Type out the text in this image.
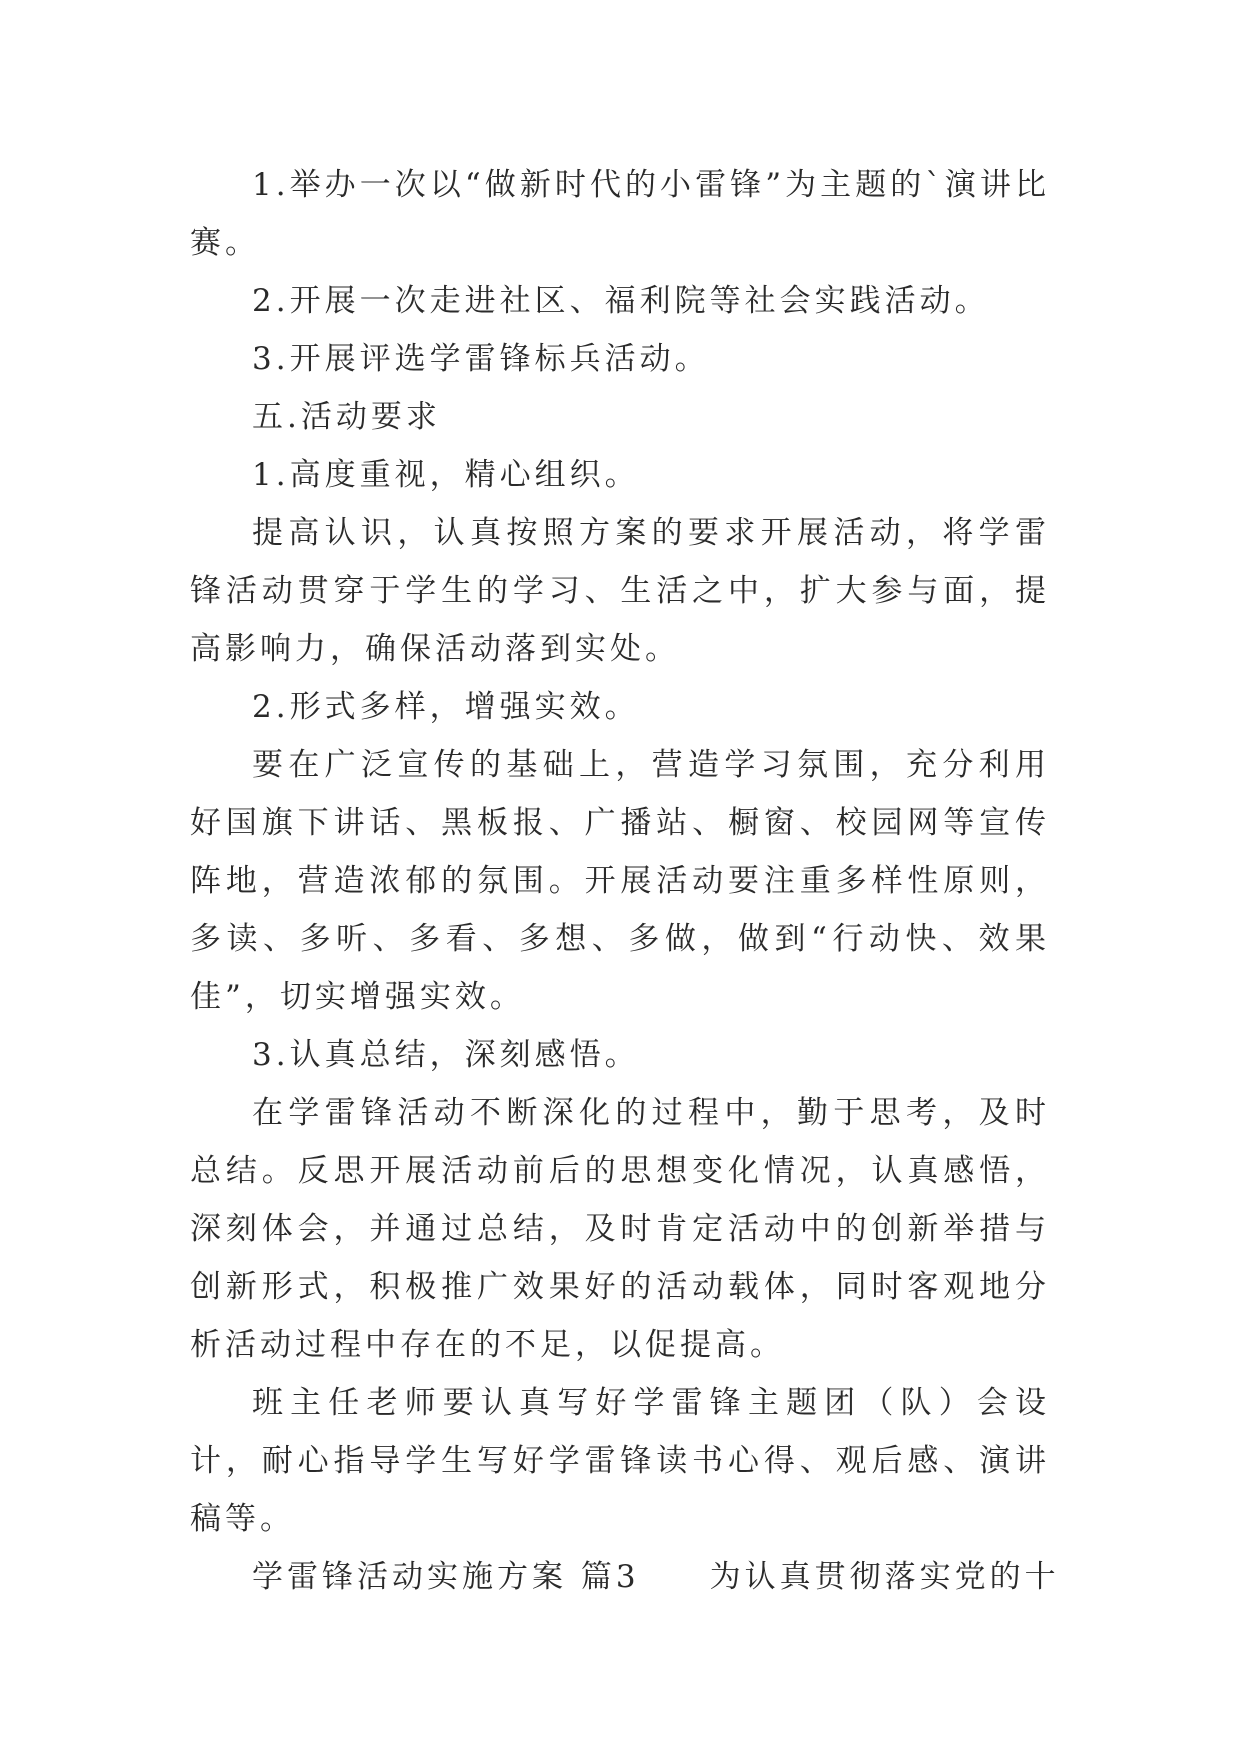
1.举办一次以“做新时代的小雷锋”为主题的`演讲比赛。

2.开展一次走进社区、福利院等社会实践活动。

3.开展评选学雷锋标兵活动。

五.活动要求

1.高度重视，精心组织。

提高认识，认真按照方案的要求开展活动，将学雷锋活动贯穿于学生的学习、生活之中，扩大参与面，提高影响力，确保活动落到实处。

2.形式多样，增强实效。

要在广泛宣传的基础上，营造学习氛围，充分利用好国旗下讲话、黑板报、广播站、橱窗、校园网等宣传阵地，营造浓郁的氛围。开展活动要注重多样性原则，多读、多听、多看、多想、多做，做到“行动快、效果佳”，切实增强实效。

3.认真总结，深刻感悟。

在学雷锋活动不断深化的过程中，勤于思考，及时总结。反思开展活动前后的思想变化情况，认真感悟，深刻体会，并通过总结，及时肯定活动中的创新举措与创新形式，积极推广效果好的活动载体，同时客观地分析活动过程中存在的不足，以促提高。

班主任老师要认真写好学雷锋主题团（队）会设计，耐心指导学生写好学雷锋读书心得、观后感、演讲稿等。

学雷锋活动实施方案 篇3　　为认真贯彻落实党的十
